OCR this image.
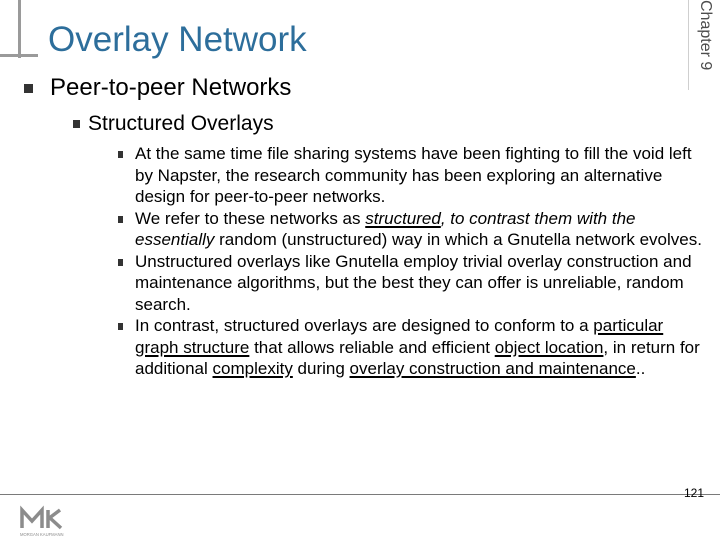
Overlay Network	Chapter 9
Peer-to-peer Networks
Structured Overlays
At the same time file sharing systems have been fighting to fill the void left by Napster, the research community has been exploring an alternative design for peer-to-peer networks.
We refer to these networks as structured, to contrast them with the essentially random (unstructured) way in which a Gnutella network evolves.
Unstructured overlays like Gnutella employ trivial overlay construction and maintenance algorithms, but the best they can offer is unreliable, random search.
In contrast, structured overlays are designed to conform to a particular graph structure that allows reliable and efficient object location, in return for additional complexity during overlay construction and maintenance..
MORGAN KAUFMANN
121
